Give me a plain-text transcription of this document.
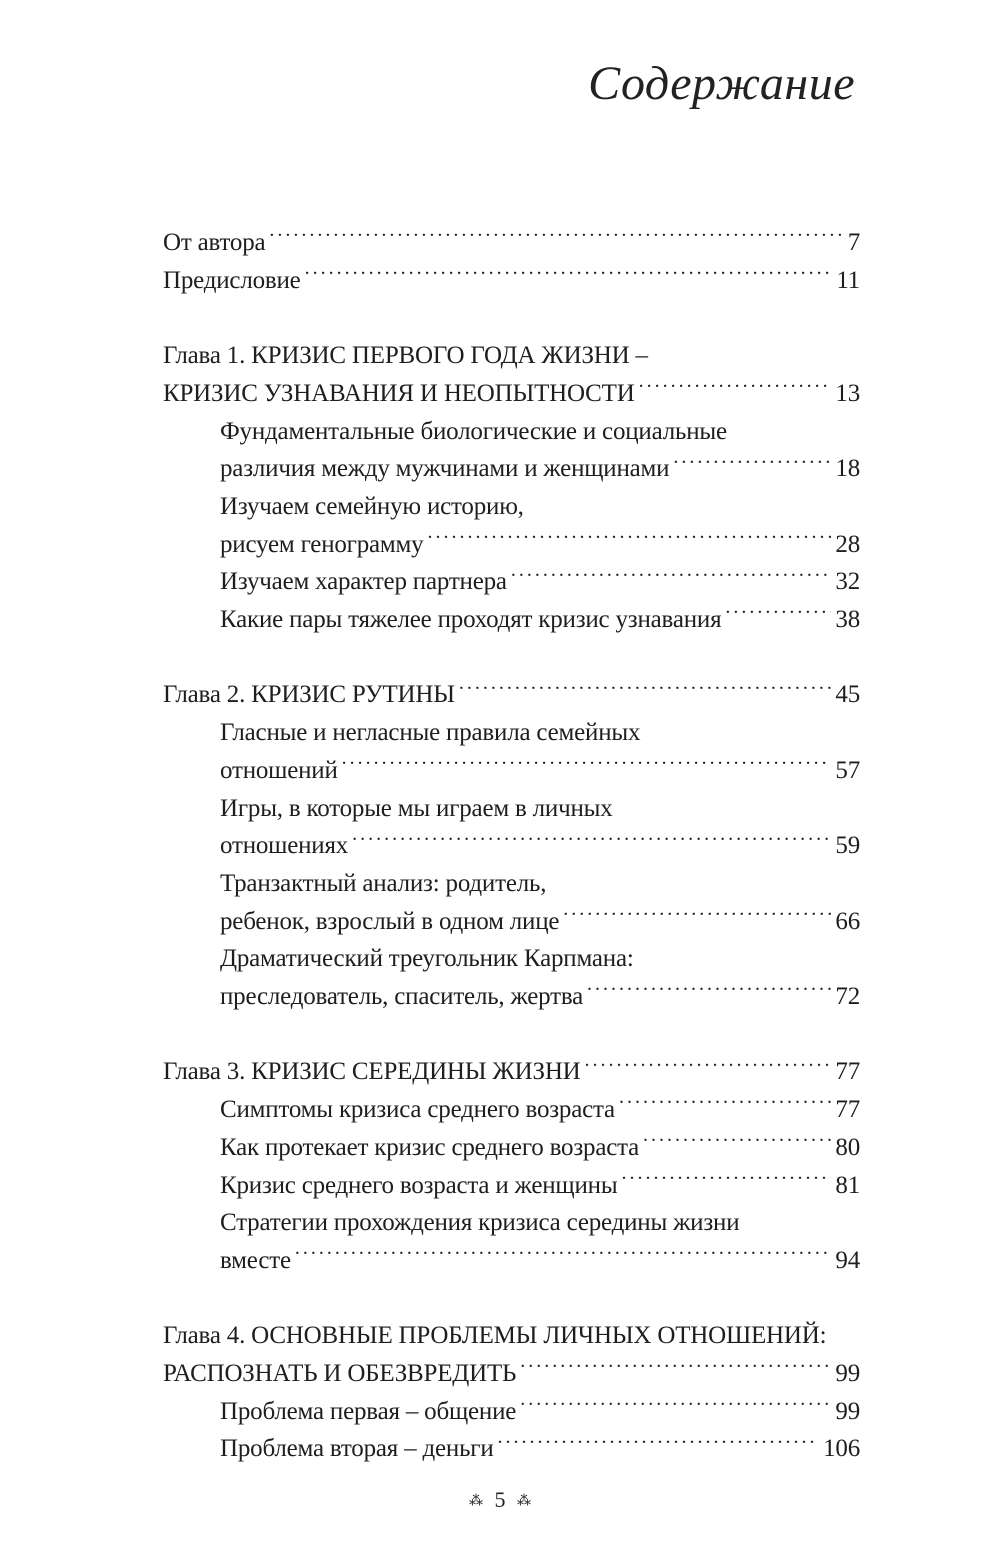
Содержание
От автора . . .	7
Предисловие . . .	11
Глава 1. КРИЗИС ПЕРВОГО ГОДА ЖИЗНИ –
КРИЗИС УЗНАВАНИЯ И НЕОПЫТНОСТИ . . .	13
Фундаментальные биологические и социальные
различия между мужчинами и женщинами . . .	18
Изучаем семейную историю,
рисуем генограмму . . .	28
Изучаем характер партнера . . .	32
Какие пары тяжелее проходят кризис узнавания . . .	38
Глава 2. КРИЗИС РУТИНЫ . . .	45
Гласные и негласные правила семейных
отношений . . .	57
Игры, в которые мы играем в личных
отношениях . . .	59
Транзактный анализ: родитель,
ребенок, взрослый в одном лице . . .	66
Драматический треугольник Карпмана:
преследователь, спаситель, жертва . . .	72
Глава 3. КРИЗИС СЕРЕДИНЫ ЖИЗНИ . . .	77
Симптомы кризиса среднего возраста . . .	77
Как протекает кризис среднего возраста . . .	80
Кризис среднего возраста и женщины . . .	81
Стратегии прохождения кризиса середины жизни
вместе . . .	94
Глава 4. ОСНОВНЫЕ ПРОБЛЕМЫ ЛИЧНЫХ ОТНОШЕНИЙ:
РАСПОЗНАТЬ И ОБЕЗВРЕДИТЬ . . .	99
Проблема первая – общение . . .	99
Проблема вторая – деньги . . .	106
⁂ 5 ⁂
